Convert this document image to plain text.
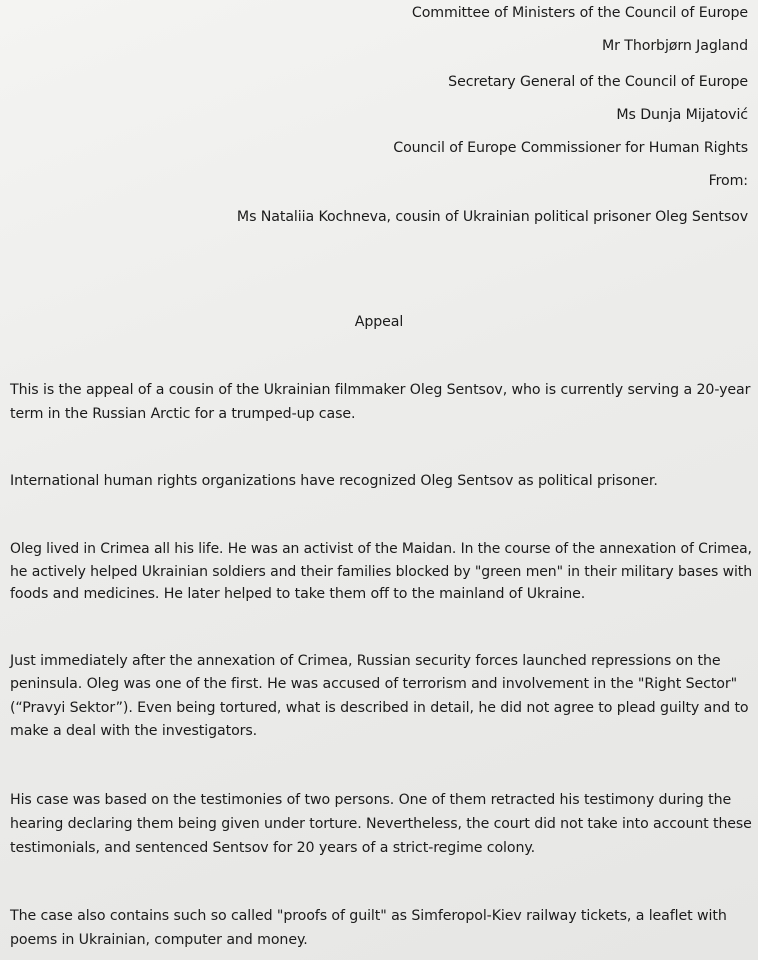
Committee of Ministers of the Council of Europe
Mr Thorbjørn Jagland
Secretary General of the Council of Europe
Ms Dunja Mijatović
Council of Europe Commissioner for Human Rights
From:
Ms Nataliia Kochneva, cousin of Ukrainian political prisoner Oleg Sentsov
Appeal
This is the appeal of a cousin of the Ukrainian filmmaker Oleg Sentsov, who is currently serving a 20-year
term in the Russian Arctic for a trumped-up case.
International human rights organizations have recognized Oleg Sentsov as political prisoner.
Oleg lived in Crimea all his life. He was an activist of the Maidan. In the course of the annexation of Crimea,
he actively helped Ukrainian soldiers and their families blocked by "green men" in their military bases with
foods and medicines. He later helped to take them off to the mainland of Ukraine.
Just immediately after the annexation of Crimea, Russian security forces launched repressions on the
peninsula. Oleg was one of the first. He was accused of terrorism and involvement in the "Right Sector"
(“Pravyi Sektor”). Even being tortured, what is described in detail, he did not agree to plead guilty and to
make a deal with the investigators.
His case was based on the testimonies of two persons. One of them retracted his testimony during the
hearing declaring them being given under torture. Nevertheless, the court did not take into account these
testimonials, and sentenced Sentsov for 20 years of a strict-regime colony.
The case also contains such so called "proofs of guilt" as Simferopol-Kiev railway tickets, a leaflet with
poems in Ukrainian, computer and money.
